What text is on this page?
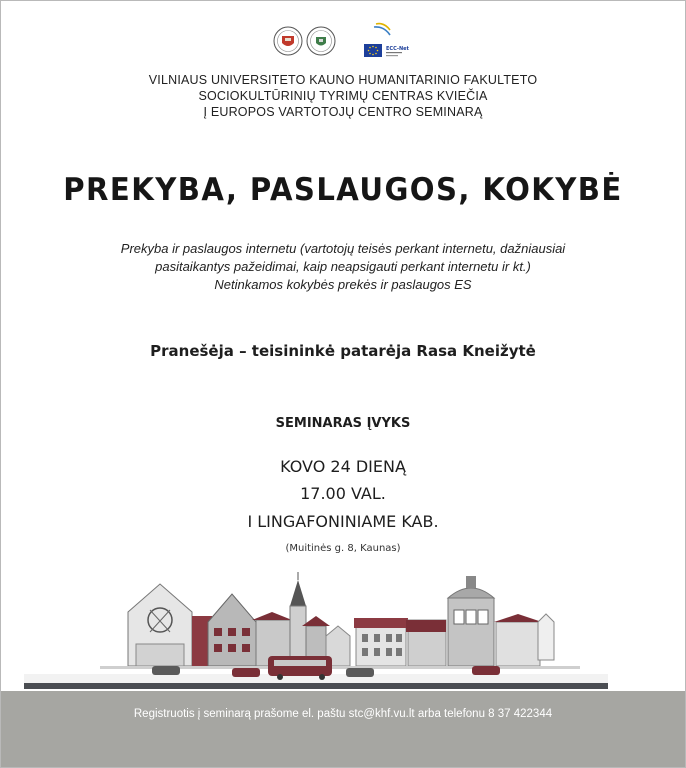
ECC-Net
VILNIAUS UNIVERSITETO KAUNO HUMANITARINIO FAKULTETO
SOCIOKULTŪRINIŲ TYRIMŲ CENTRAS KVIEČIA
Į EUROPOS VARTOTOJŲ CENTRO SEMINARĄ
PREKYBA, PASLAUGOS, KOKYBĖ
Prekyba ir paslaugos internetu (vartotojų teisės perkant internetu, dažniausiai
pasitaikantys pažeidimai, kaip neapsigauti perkant internetu ir kt.)
Netinkamos kokybės prekės ir paslaugos ES
Pranešėja – teisininkė patarėja Rasa Kneižytė
SEMINARAS ĮVYKS
KOVO 24 DIENĄ
17.00 VAL.
I LINGAFONINIAME KAB.
(Muitinės g. 8, Kaunas)
Registruotis į seminarą prašome el. paštu stc@khf.vu.lt arba telefonu 8 37 422344
